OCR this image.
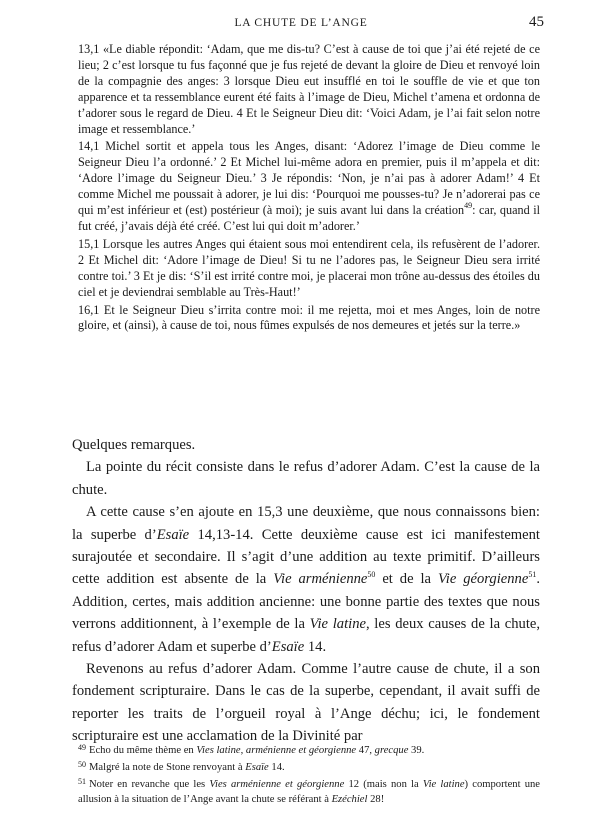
LA CHUTE DE L’ANGE	45

13,1 «Le diable répondit: ‘Adam, que me dis-tu? C’est à cause de toi que j’ai été rejeté de ce lieu; 2 c’est lorsque tu fus façonné que je fus rejeté de devant la gloire de Dieu et renvoyé loin de la compagnie des anges: 3 lorsque Dieu eut insufflé en toi le souffle de vie et que ton apparence et ta ressemblance eurent été faits à l’image de Dieu, Michel t’amena et ordonna de t’adorer sous le regard de Dieu. 4 Et le Seigneur Dieu dit: ‘Voici Adam, je l’ai fait selon notre image et ressemblance.’

14,1 Michel sortit et appela tous les Anges, disant: ‘Adorez l’image de Dieu comme le Seigneur Dieu l’a ordonné.’ 2 Et Michel lui-même adora en premier, puis il m’appela et dit: ‘Adore l’image du Seigneur Dieu.’ 3 Je répondis: ‘Non, je n’ai pas à adorer Adam!’ 4 Et comme Michel me poussait à adorer, je lui dis: ‘Pourquoi me pousses-tu? Je n’adorerai pas ce qui m’est inférieur et (est) postérieur (à moi); je suis avant lui dans la création$^{49}$: car, quand il fut créé, j’avais déjà été créé. C’est lui qui doit m’adorer.’

15,1 Lorsque les autres Anges qui étaient sous moi entendirent cela, ils refusèrent de l’adorer. 2 Et Michel dit: ‘Adore l’image de Dieu! Si tu ne l’adores pas, le Seigneur Dieu sera irrité contre toi.’ 3 Et je dis: ‘S’il est irrité contre moi, je placerai mon trône au-dessus des étoiles du ciel et je deviendrai semblable au Très-Haut!’

16,1 Et le Seigneur Dieu s’irrita contre moi: il me rejetta, moi et mes Anges, loin de notre gloire, et (ainsi), à cause de toi, nous fûmes expulsés de nos demeures et jetés sur la terre.»

Quelques remarques.

La pointe du récit consiste dans le refus d’adorer Adam. C’est la cause de la chute.

A cette cause s’en ajoute en 15,3 une deuxième, que nous connaissons bien: la superbe d’Esaïe 14,13-14. Cette deuxième cause est ici manifestement surajoutée et secondaire. Il s’agit d’une addition au texte primitif. D’ailleurs cette addition est absente de la Vie arménienne$^{50}$ et de la Vie géorgienne$^{51}$. Addition, certes, mais addition ancienne: une bonne partie des textes que nous verrons additionnent, à l’exemple de la Vie latine, les deux causes de la chute, refus d’adorer Adam et superbe d’Esaïe 14.

Revenons au refus d’adorer Adam. Comme l’autre cause de chute, il a son fondement scripturaire. Dans le cas de la superbe, cependant, il avait suffi de reporter les traits de l’orgueil royal à l’Ange déchu; ici, le fondement scripturaire est une acclamation de la Divinité par

$^{49}$ Echo du même thème en Vies latine, arménienne et géorgienne 47, grecque 39.

$^{50}$ Malgré la note de Stone renvoyant à Esaïe 14.

$^{51}$ Noter en revanche que les Vies arménienne et géorgienne 12 (mais non la Vie latine) comportent une allusion à la situation de l’Ange avant la chute se référant à Ezéchiel 28!
